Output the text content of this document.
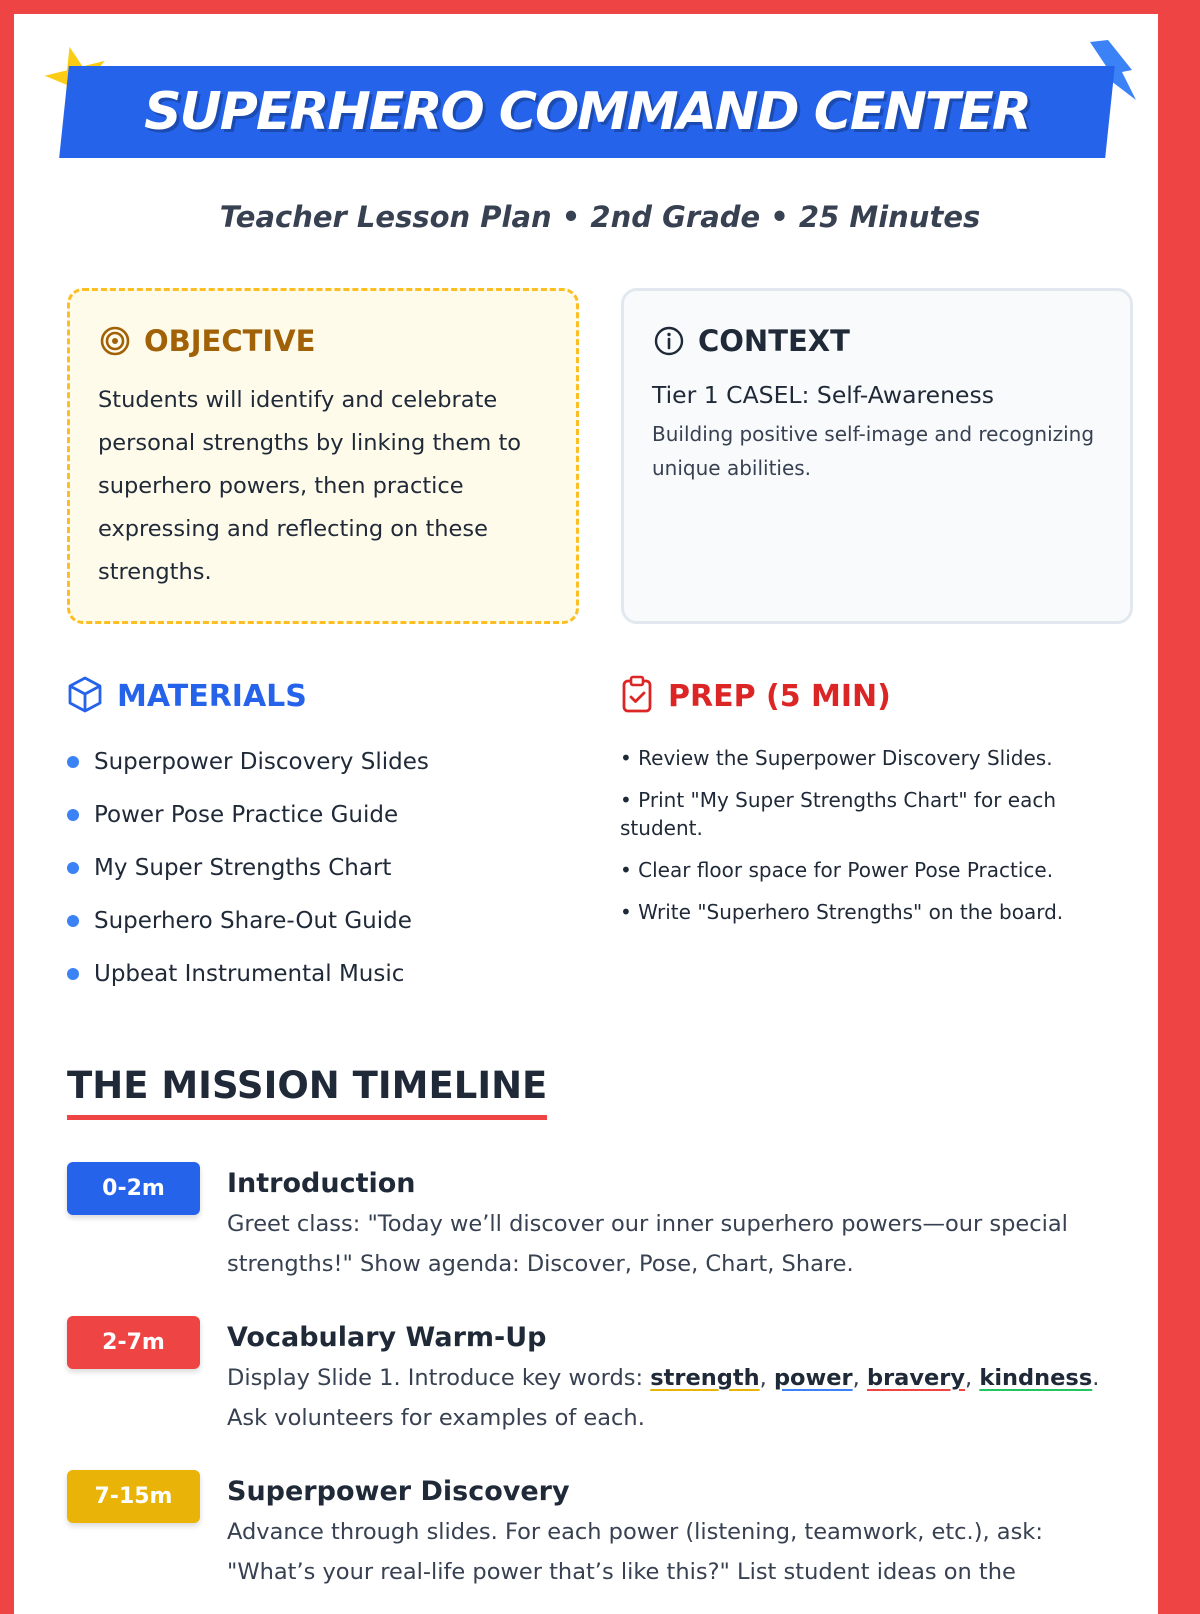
SUPERHERO COMMAND CENTER
Teacher Lesson Plan • 2nd Grade • 25 Minutes
OBJECTIVE
Students will identify and celebrate personal strengths by linking them to superhero powers, then practice expressing and reflecting on these strengths.
CONTEXT
Tier 1 CASEL: Self-Awareness
Building positive self-image and recognizing unique abilities.
MATERIALS
Superpower Discovery Slides
Power Pose Practice Guide
My Super Strengths Chart
Superhero Share-Out Guide
Upbeat Instrumental Music
PREP (5 MIN)
• Review the Superpower Discovery Slides.
• Print "My Super Strengths Chart" for each student.
• Clear floor space for Power Pose Practice.
• Write "Superhero Strengths" on the board.
THE MISSION TIMELINE
0-2m	Introduction
Greet class: "Today we’ll discover our inner superhero powers—our special strengths!" Show agenda: Discover, Pose, Chart, Share.
2-7m	Vocabulary Warm-Up
Display Slide 1. Introduce key words: strength, power, bravery, kindness. Ask volunteers for examples of each.
7-15m	Superpower Discovery
Advance through slides. For each power (listening, teamwork, etc.), ask: "What’s your real-life power that’s like this?" List student ideas on the
